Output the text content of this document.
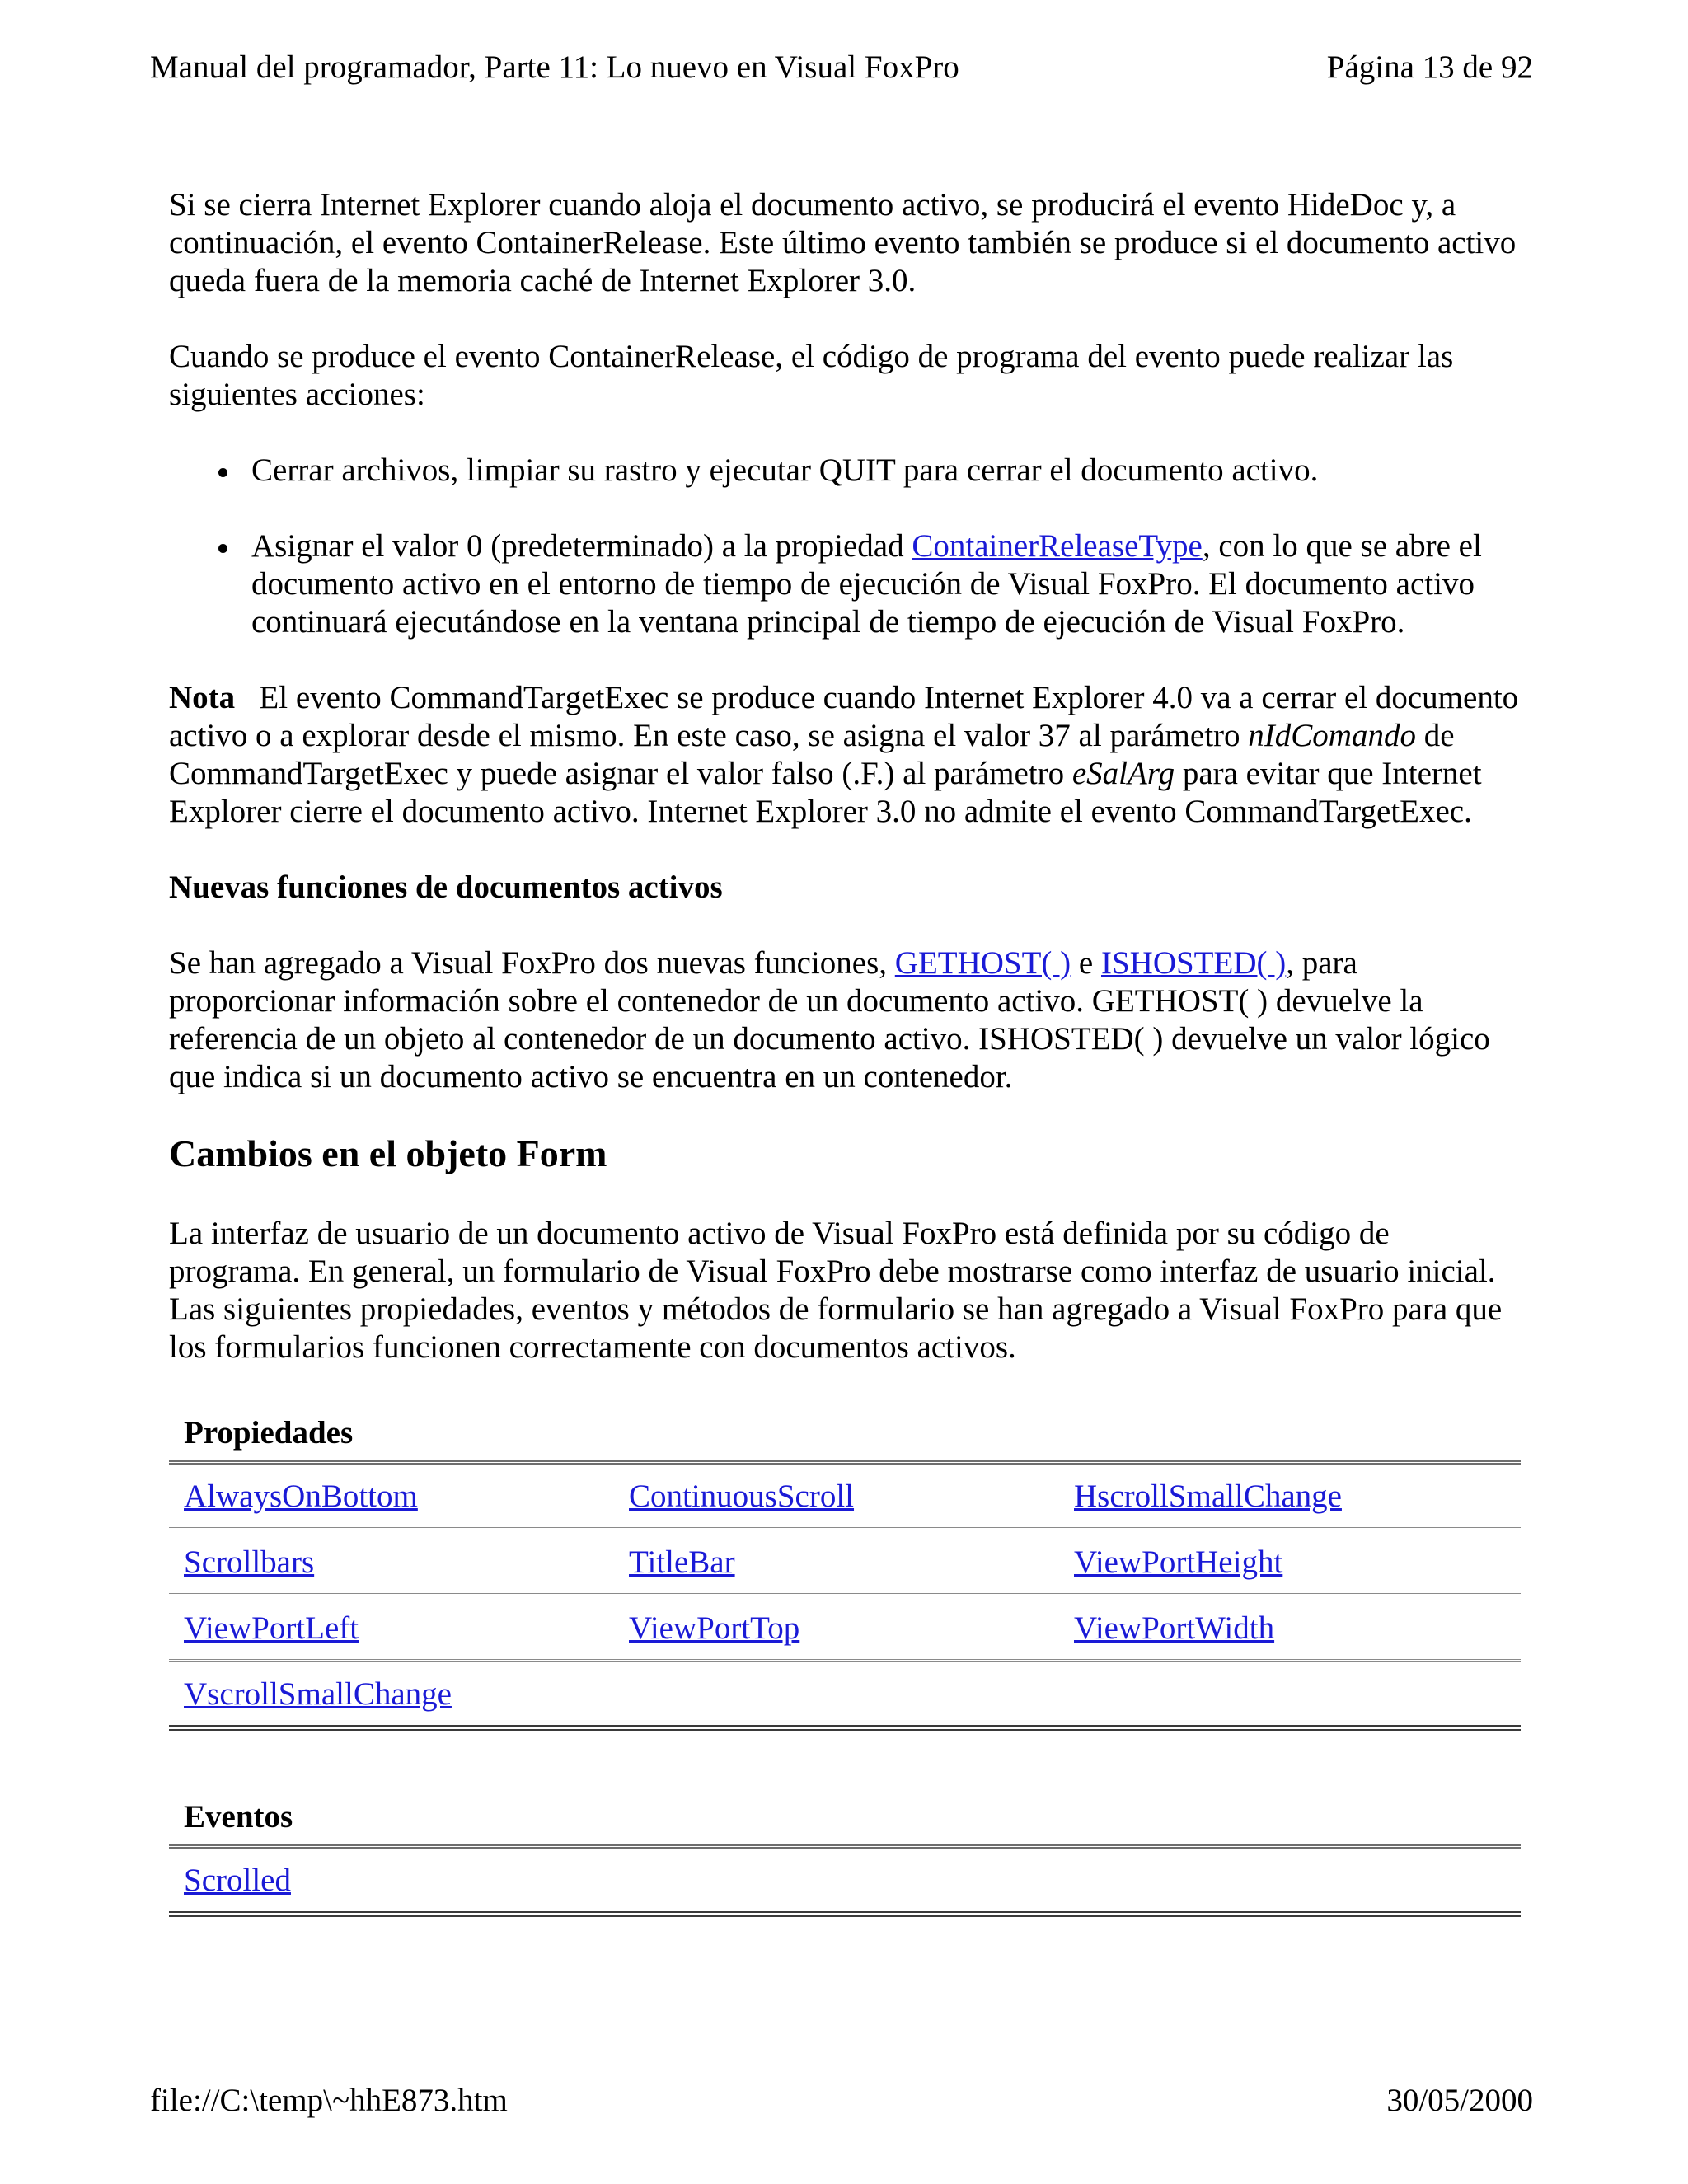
Manual del programador, Parte 11: Lo nuevo en Visual FoxPro	Página 13 de 92

Si se cierra Internet Explorer cuando aloja el documento activo, se producirá el evento HideDoc y, a continuación, el evento ContainerRelease. Este último evento también se produce si el documento activo queda fuera de la memoria caché de Internet Explorer 3.0.

Cuando se produce el evento ContainerRelease, el código de programa del evento puede realizar las siguientes acciones:

Cerrar archivos, limpiar su rastro y ejecutar QUIT para cerrar el documento activo.
Asignar el valor 0 (predeterminado) a la propiedad ContainerReleaseType, con lo que se abre el documento activo en el entorno de tiempo de ejecución de Visual FoxPro. El documento activo continuará ejecutándose en la ventana principal de tiempo de ejecución de Visual FoxPro.

Nota El evento CommandTargetExec se produce cuando Internet Explorer 4.0 va a cerrar el documento activo o a explorar desde el mismo. En este caso, se asigna el valor 37 al parámetro nIdComando de CommandTargetExec y puede asignar el valor falso (.F.) al parámetro eSalArg para evitar que Internet Explorer cierre el documento activo. Internet Explorer 3.0 no admite el evento CommandTargetExec.

Nuevas funciones de documentos activos

Se han agregado a Visual FoxPro dos nuevas funciones, GETHOST( ) e ISHOSTED( ), para proporcionar información sobre el contenedor de un documento activo. GETHOST( ) devuelve la referencia de un objeto al contenedor de un documento activo. ISHOSTED( ) devuelve un valor lógico que indica si un documento activo se encuentra en un contenedor.

Cambios en el objeto Form

La interfaz de usuario de un documento activo de Visual FoxPro está definida por su código de programa. En general, un formulario de Visual FoxPro debe mostrarse como interfaz de usuario inicial. Las siguientes propiedades, eventos y métodos de formulario se han agregado a Visual FoxPro para que los formularios funcionen correctamente con documentos activos.

Propiedades
AlwaysOnBottom	ContinuousScroll	HscrollSmallChange
Scrollbars	TitleBar	ViewPortHeight
ViewPortLeft	ViewPortTop	ViewPortWidth
VscrollSmallChange
Eventos
Scrolled
file://C:\temp\~hhE873.htm	30/05/2000
